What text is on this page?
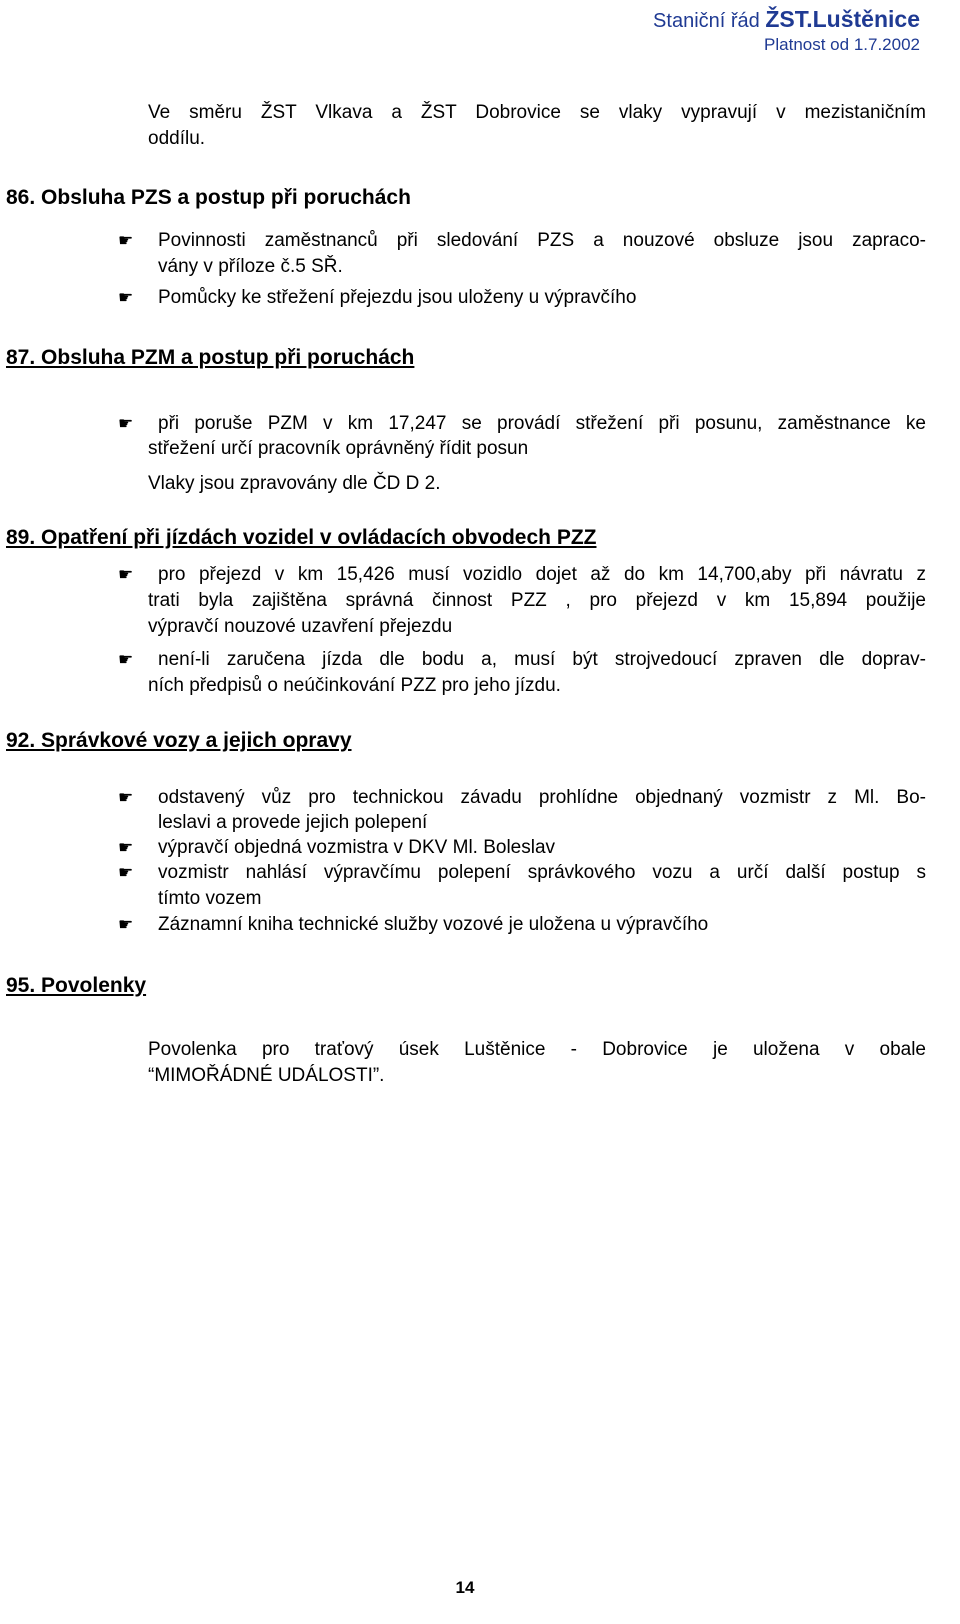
Staniční řád ŽST.Luštěnice
Platnost od 1.7.2002
Ve směru ŽST Vlkava a ŽST Dobrovice se vlaky vypravují v mezistaničním
oddílu.
86. Obsluha PZS a postup při poruchách
☛ Povinnosti zaměstnanců při sledování PZS a nouzové obsluze jsou zapraco-
vány v příloze č.5 SŘ.
☛ Pomůcky ke střežení přejezdu jsou uloženy u výpravčího
87. Obsluha PZM a postup při poruchách
☛ při poruše PZM v km 17,247 se provádí střežení při posunu, zaměstnance ke
střežení určí pracovník oprávněný řídit posun
Vlaky jsou zpravovány dle ČD D 2.
89. Opatření při jízdách vozidel v ovládacích obvodech PZZ
☛ pro přejezd v km 15,426 musí vozidlo dojet až do km 14,700,aby při návratu z
trati byla zajištěna správná činnost PZZ , pro přejezd v km 15,894 použije
výpravčí nouzové uzavření přejezdu
☛ není-li zaručena jízda dle bodu a, musí být strojvedoucí zpraven dle doprav-
ních předpisů o neúčinkování PZZ pro jeho jízdu.
92. Správkové vozy a jejich opravy
☛ odstavený vůz pro technickou závadu prohlídne objednaný vozmistr z Ml. Bo-
leslavi a provede jejich polepení
☛ výpravčí objedná vozmistra v DKV Ml. Boleslav
☛ vozmistr nahlásí výpravčímu polepení správkového vozu a určí další postup s
tímto vozem
☛ Záznamní kniha technické služby vozové je uložena u výpravčího
95. Povolenky
Povolenka pro traťový úsek Luštěnice - Dobrovice je uložena v obale
“MIMOŘÁDNÉ UDÁLOSTI”.
14
